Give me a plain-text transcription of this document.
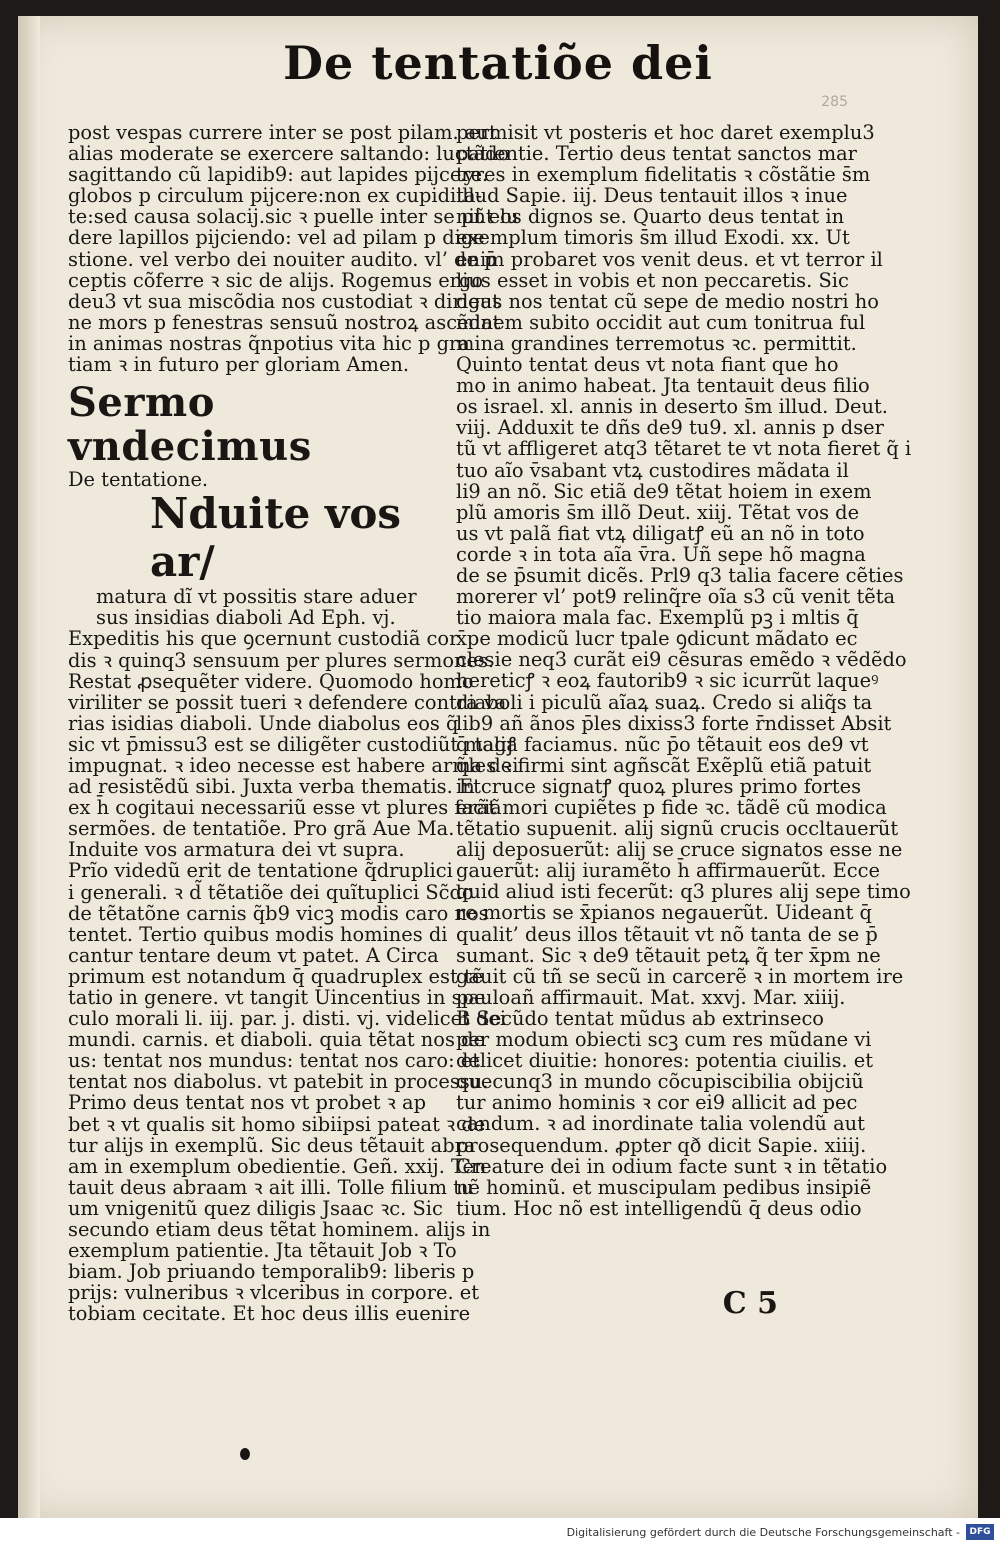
De tentatiõe dei
285
post vespas currere inter se post pilam. aut
alias moderate se exercere saltando: luctãdo
sagittando cũ lapidib9: aut lapides pijcere.
globos p circulum pijcere:non ex cupidita‑
te:sed causa solacij.sic ꝛ puelle inter se pñt lu
dere lapillos pijciendo: vel ad pilam p dige
stione. vel verbo dei nouiter audito. vl’ de p̄
ceptis cõferre ꝛ sic de alijs. Rogemus ergo
deu3 vt sua miscõdia nos custodiat ꝛ dirigat
ne mors p fenestras sensuũ nostroꝝ ascẽdat
in animas nostras q̃npotius vita hic p gra
tiam ꝛ in futuro per gloriam Amen.
Sermo vndecimus
De tentatione.
Nduite vos ar/
matura dĩ vt possitis stare aduer
sus insidias diaboli Ad Eph. vj.
Expeditis his que ꝯcernunt custodiã cor
dis ꝛ quinq3 sensuum per plures sermones.
Restat ꝓsequẽter videre. Quomodo homo
viriliter se possit tueri ꝛ defendere contra va
rias isidias diaboli. Unde diabolus eos q̃
sic vt p̄missu3 est se diligẽter custodiũt magꝭ
impugnat. ꝛ ideo necesse est habere arma dei
ad resistẽdũ sibi. Juxta verba thematis. Et
ex h̄ cogitaui necessariũ esse vt plures faciã
sermões. de tentatiõe. Pro grã Aue Ma.
Induite vos armatura dei vt supra.
Prĩo videdũ erit de tentatione q̃druplici
i generali. ꝛ d̃ tẽtatiõe dei quĩtuplici Sc̃do
de tẽtatõne carnis q̃b9 vicꝫ modis caro nos
tentet. Tertio quibus modis homines di
cantur tentare deum vt patet. A Circa
primum est notandum q̄ quadruplex est tẽ
tatio in genere. vt tangit Uincentius in spe
culo morali li. iij. par. j. disti. vj. videlicet dei
mundi. carnis. et diaboli. quia tẽtat nos de
us: tentat nos mundus: tentat nos caro: et
tentat nos diabolus. vt patebit in processu.
Primo deus tentat nos vt probet ꝛ ap
bet ꝛ vt qualis sit homo sibiipsi pateat ꝛ de
tur alijs in exemplũ. Sic deus tẽtauit abra
am in exemplum obedientie. Geñ. xxij. Ten
tauit deus abraam ꝛ ait illi. Tolle filium tu
um vnigenitũ quez diligis Jsaac ꝛc. Sic
secundo etiam deus tẽtat hominem. alijs in
exemplum patientie. Jta tẽtauit Job ꝛ To
biam. Job priuando temporalib9: liberis p
prijs: vulneribus ꝛ vlceribus in corpore. et
tobiam cecitate. Et hoc deus illis euenire
permisit vt posteris et hoc daret exemplu3
patientie. Tertio deus tentat sanctos mar
tyres in exemplum fidelitatis ꝛ cõstãtie s̄m
illud Sapie. iij. Deus tentauit illos ꝛ inue
nit eos dignos se. Quarto deus tentat in
exemplum timoris s̄m illud Exodi. xx. Ut
enim probaret vos venit deus. et vt terror il
lius esset in vobis et non peccaretis. Sic
deus nos tentat cũ sepe de medio nostri ho
minem subito occidit aut cum tonitrua ful
mina grandines terremotus ꝛc. permittit.
Quinto tentat deus vt nota fiant que ho
mo in animo habeat. Jta tentauit deus filio
os israel. xl. annis in deserto s̄m illud. Deut.
viij. Adduxit te dñs de9 tu9. xl. annis p dser
tũ vt affligeret atq3 tẽtaret te vt nota fieret q̃ i
tuo aĩo v̄sabant vtꝝ custodires mãdata il
li9 an nõ. Sic etiã de9 tẽtat hoiem in exem
plũ amoris s̄m illõ Deut. xiij. Tẽtat vos de
us vt palã fiat vtꝝ diligatꝭ eũ an nõ in toto
corde ꝛ in tota aĩa v̄ra. Uñ sepe hõ magna
de se p̄sumit dicẽs. Prl9 q3 talia facere cẽties
morerer vl’ pot9 relinq̃re oĩa s3 cũ venit tẽta
tio maiora mala fac. Exemplũ pꝫ i mltis q̄
x̄pe modicũ lucr tpale ꝯdicunt mãdato ec
clesie neq3 curãt ei9 cẽsuras emẽdo ꝛ vẽdẽdo
hereticꝭ ꝛ eoꝝ fautorib9 ꝛ sic icurrũt laqueꝰ
diaboli i piculũ aĩaꝝ suaꝝ. Credo si aliq̃s ta
lib9 añ ãnos p̄les dixiss3 forte r̄ndisset Absit
q̄ talia faciamus. nũc p̄o tẽtauit eos de9 vt
q̃les ꝛ firmi sint agñscãt Exẽplũ etiã patuit
in cruce signatꝭ quoꝝ plures primo fortes
erãt mori cupiẽtes p fide ꝛc. tãdẽ cũ modica
tẽtatio supuenit. alij signũ crucis occltauerũt
alij deposuerũt: alij se cruce signatos esse ne
gauerũt: alij iuramẽto h̄ affirmauerũt. Ecce
quid aliud isti fecerũt: q3 plures alij sepe timo
re mortis se x̄pianos negauerũt. Uideant q̄
qualit’ deus illos tẽtauit vt nõ tanta de se p̄
sumant. Sic ꝛ de9 tẽtauit petꝝ q̃ ter x̄pm ne
gauit cũ tñ se secũ in carcerẽ ꝛ in mortem ire
pauloañ affirmauit. Mat. xxvj. Mar. xiiij.
B Secũdo tentat mũdus ab extrinseco
per modum obiecti scꝫ cum res mũdane vi
delicet diuitie: honores: potentia ciuilis. et
quecunq3 in mundo cõcupiscibilia obijciũ
tur animo hominis ꝛ cor ei9 allicit ad pec
candum. ꝛ ad inordinate talia volendũ aut
prosequendum. ꝓpter qð dicit Sapie. xiiij.
Creature dei in odium facte sunt ꝛ in tẽtatio
nẽ hominũ. et muscipulam pedibus insipiẽ
tium. Hoc nõ est intelligendũ q̄ deus odio
C 5
Digitalisierung gefördert durch die Deutsche Forschungsgemeinschaft -	DFG
